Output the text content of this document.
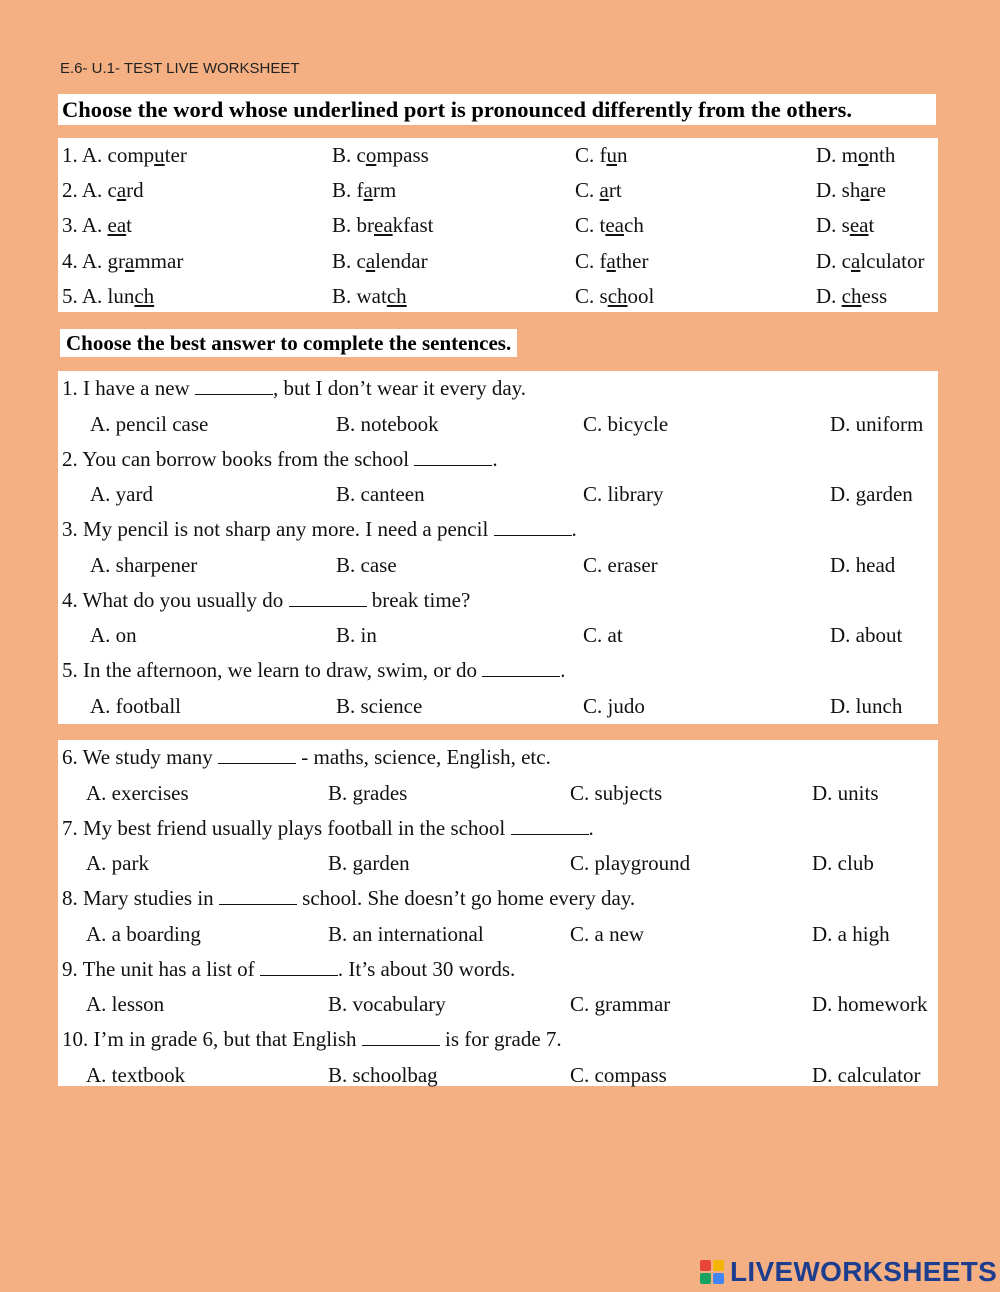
E.6- U.1- TEST LIVE WORKSHEET
Choose the word whose underlined port is pronounced differently from the others.
1. A. computer	B. compass	C. fun	D. month
2. A. card	B. farm	C. art	D. share
3. A. eat	B. breakfast	C. teach	D. seat
4. A. grammar	B. calendar	C. father	D. calculator
5. A. lunch	B. watch	C. school	D. chess
Choose the best answer to complete the sentences.
1. I have a new	, but I don’t wear it every day.
A. pencil case	B. notebook	C. bicycle	D. uniform
2. You can borrow books from the school	.
A. yard	B. canteen	C. library	D. garden
3. My pencil is not sharp any more. I need a pencil	.
A. sharpener	B. case	C. eraser	D. head
4. What do you usually do	break time?
A. on	B. in	C. at	D. about
5. In the afternoon, we learn to draw, swim, or do	.
A. football	B. science	C. judo	D. lunch
6. We study many	- maths, science, English, etc.
A. exercises	B. grades	C. subjects	D. units
7. My best friend usually plays football in the school	.
A. park	B. garden	C. playground	D. club
8. Mary studies in	school. She doesn’t go home every day.
A. a boarding	B. an international	C. a new	D. a high
9. The unit has a list of	. It’s about 30 words.
A. lesson	B. vocabulary	C. grammar	D. homework
10. I’m in grade 6, but that English	is for grade 7.
A. textbook	B. schoolbag	C. compass	D. calculator
LIVEWORKSHEETS
